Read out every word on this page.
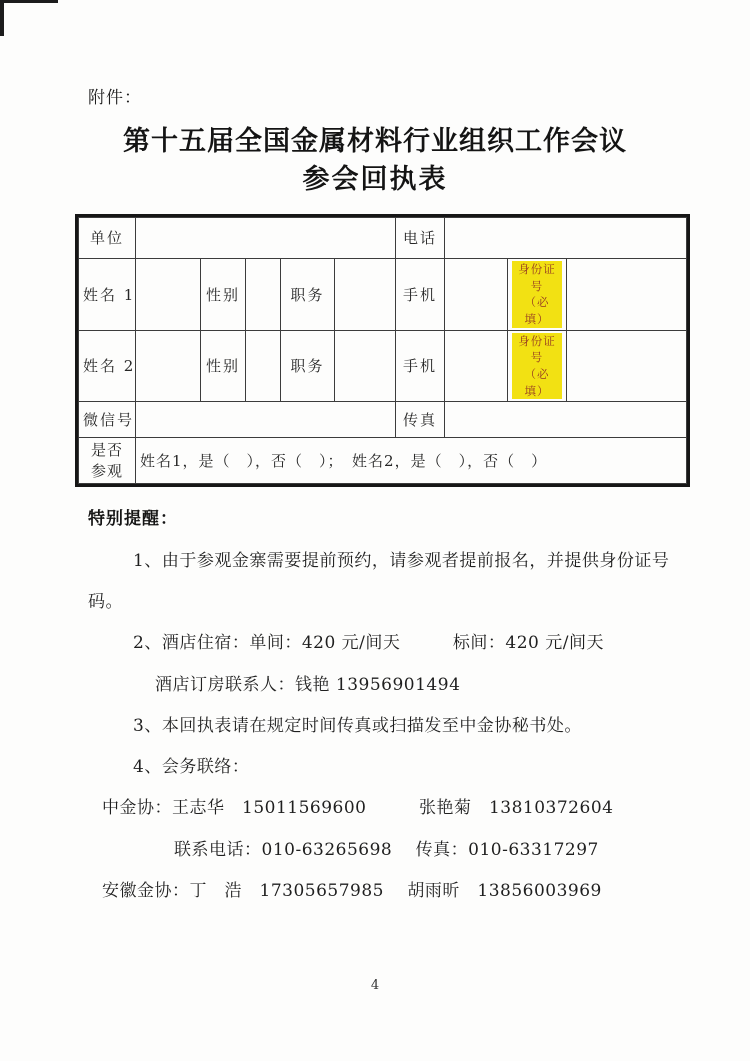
附件：
第十五届全国金属材料行业组织工作会议
参会回执表
单位						电话			
姓名 1		性别		职务		手机		身份证号
（必填）	
姓名 2		性别		职务		手机		身份证号
（必填）	
微信号						传真			
是否
参观	姓名1，是（　），否（　）；　姓名2，是（　），否（　）								
特别提醒：
1、由于参观金寨需要提前预约，请参观者提前报名，并提供身份证号
码。
2、酒店住宿：单间：420 元/间天　　　标间：420 元/间天
酒店订房联系人：钱艳 13956901494
3、本回执表请在规定时间传真或扫描发至中金协秘书处。
4、会务联络：
中金协：王志华　15011569600　　　张艳菊　13810372604
联系电话：010-63265698　 传真：010-63317297
安徽金协：丁　浩　17305657985　 胡雨昕　13856003969
4
